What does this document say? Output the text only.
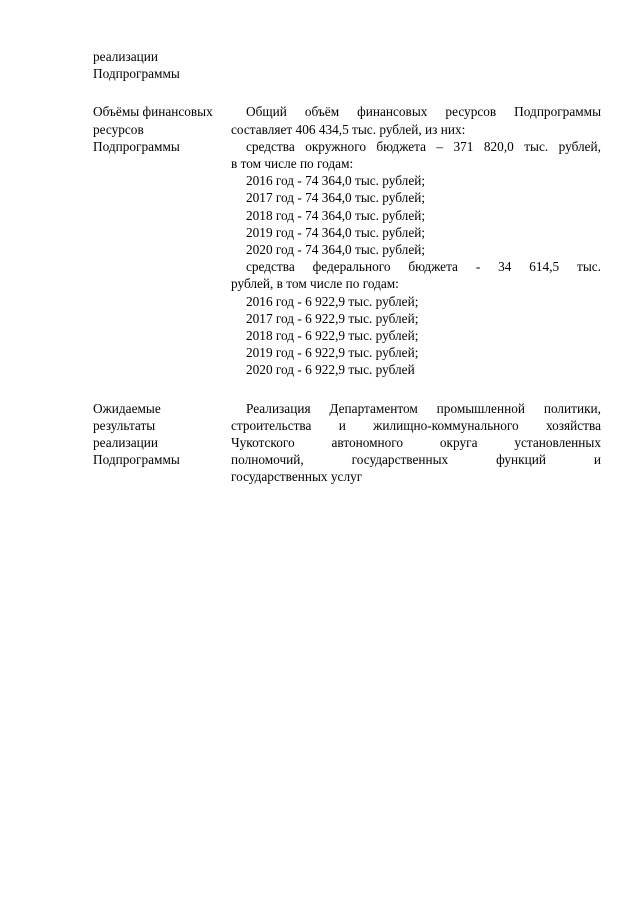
реализации
Подпрограммы
Объёмы финансовых
ресурсов
Подпрограммы
Общий объём финансовых ресурсов Подпрограммы
составляет 406 434,5 тыс. рублей, из них:
средства окружного бюджета – 371 820,0 тыс. рублей,
в том числе по годам:
2016 год - 74 364,0 тыс. рублей;
2017 год - 74 364,0 тыс. рублей;
2018 год - 74 364,0 тыс. рублей;
2019 год - 74 364,0 тыс. рублей;
2020 год - 74 364,0 тыс. рублей;
средства федерального бюджета - 34 614,5 тыс.
рублей, в том числе по годам:
2016 год - 6 922,9 тыс. рублей;
2017 год - 6 922,9 тыс. рублей;
2018 год - 6 922,9 тыс. рублей;
2019 год - 6 922,9 тыс. рублей;
2020 год - 6 922,9 тыс. рублей
Ожидаемые
результаты
реализации
Подпрограммы
Реализация Департаментом промышленной политики,
строительства и жилищно-коммунального хозяйства
Чукотского автономного округа установленных
полномочий, государственных функций и
государственных услуг
